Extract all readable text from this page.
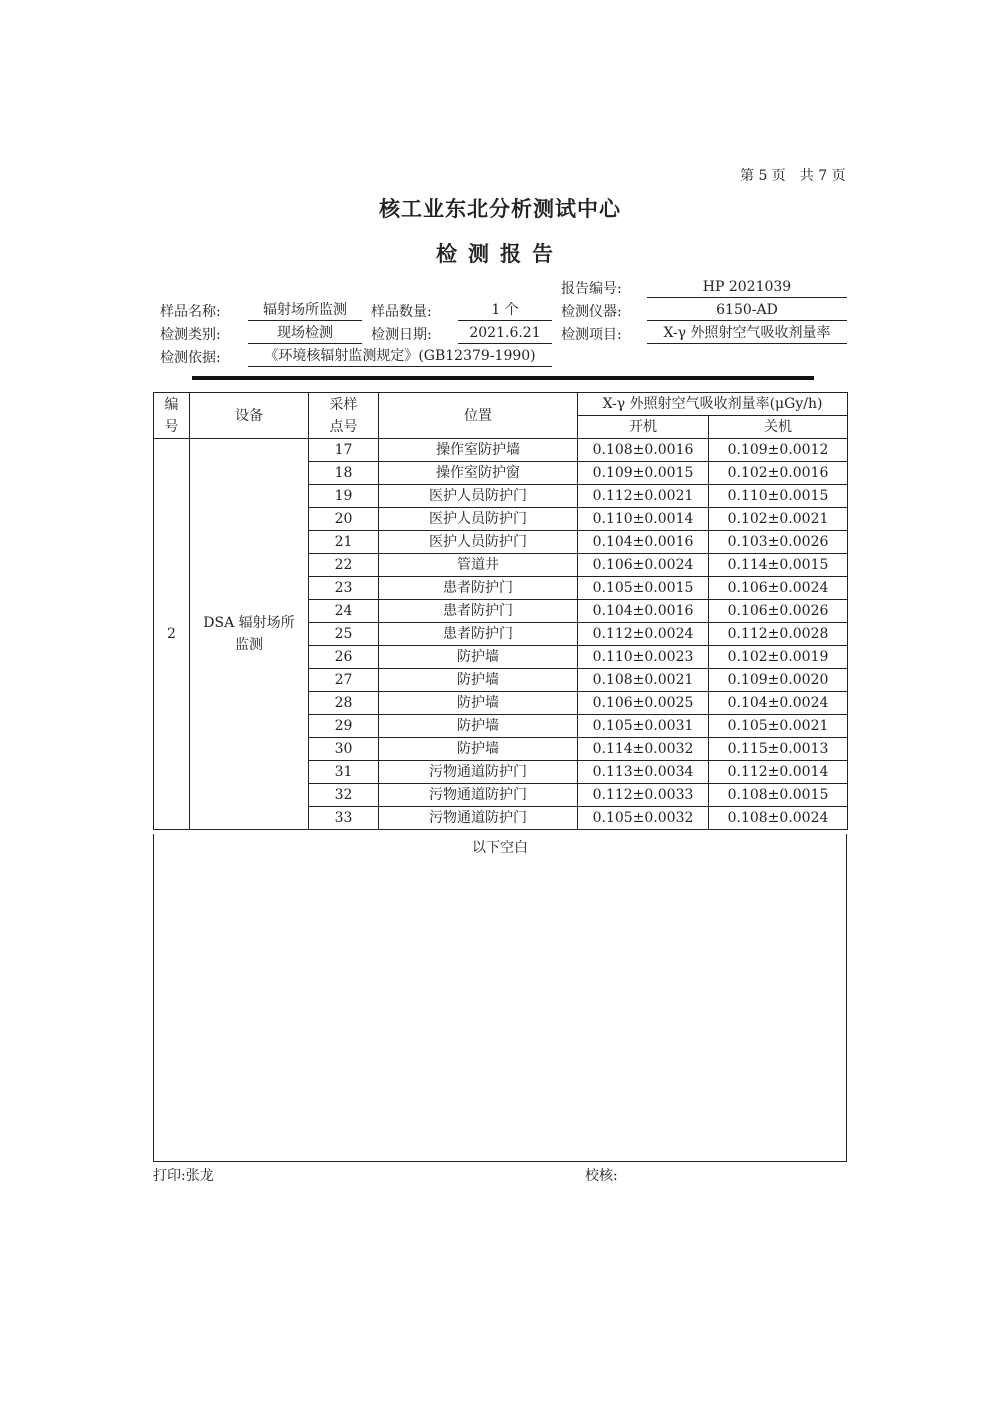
第 5 页　共 7 页
核工业东北分析测试中心
检测报告
报告编号:	HP 2021039
样品名称:	辐射场所监测	样品数量:	1 个	检测仪器:	6150-AD
检测类别:	现场检测	检测日期:	2021.6.21	检测项目:	X-γ 外照射空气吸收剂量率
检测依据:	《环境核辐射监测规定》(GB12379-1990)
编号	设备	采样点号	位置	X-γ 外照射空气吸收剂量率(μGy/h)	
				开机	关机
2	DSA 辐射场所监测	17	操作室防护墙	0.108±0.0016	0.109±0.0012
		18	操作室防护窗	0.109±0.0015	0.102±0.0016
		19	医护人员防护门	0.112±0.0021	0.110±0.0015
		20	医护人员防护门	0.110±0.0014	0.102±0.0021
		21	医护人员防护门	0.104±0.0016	0.103±0.0026
		22	管道井	0.106±0.0024	0.114±0.0015
		23	患者防护门	0.105±0.0015	0.106±0.0024
		24	患者防护门	0.104±0.0016	0.106±0.0026
		25	患者防护门	0.112±0.0024	0.112±0.0028
		26	防护墙	0.110±0.0023	0.102±0.0019
		27	防护墙	0.108±0.0021	0.109±0.0020
		28	防护墙	0.106±0.0025	0.104±0.0024
		29	防护墙	0.105±0.0031	0.105±0.0021
		30	防护墙	0.114±0.0032	0.115±0.0013
		31	污物通道防护门	0.113±0.0034	0.112±0.0014
		32	污物通道防护门	0.112±0.0033	0.108±0.0015
		33	污物通道防护门	0.105±0.0032	0.108±0.0024
以下空白
打印:张龙	校核:
